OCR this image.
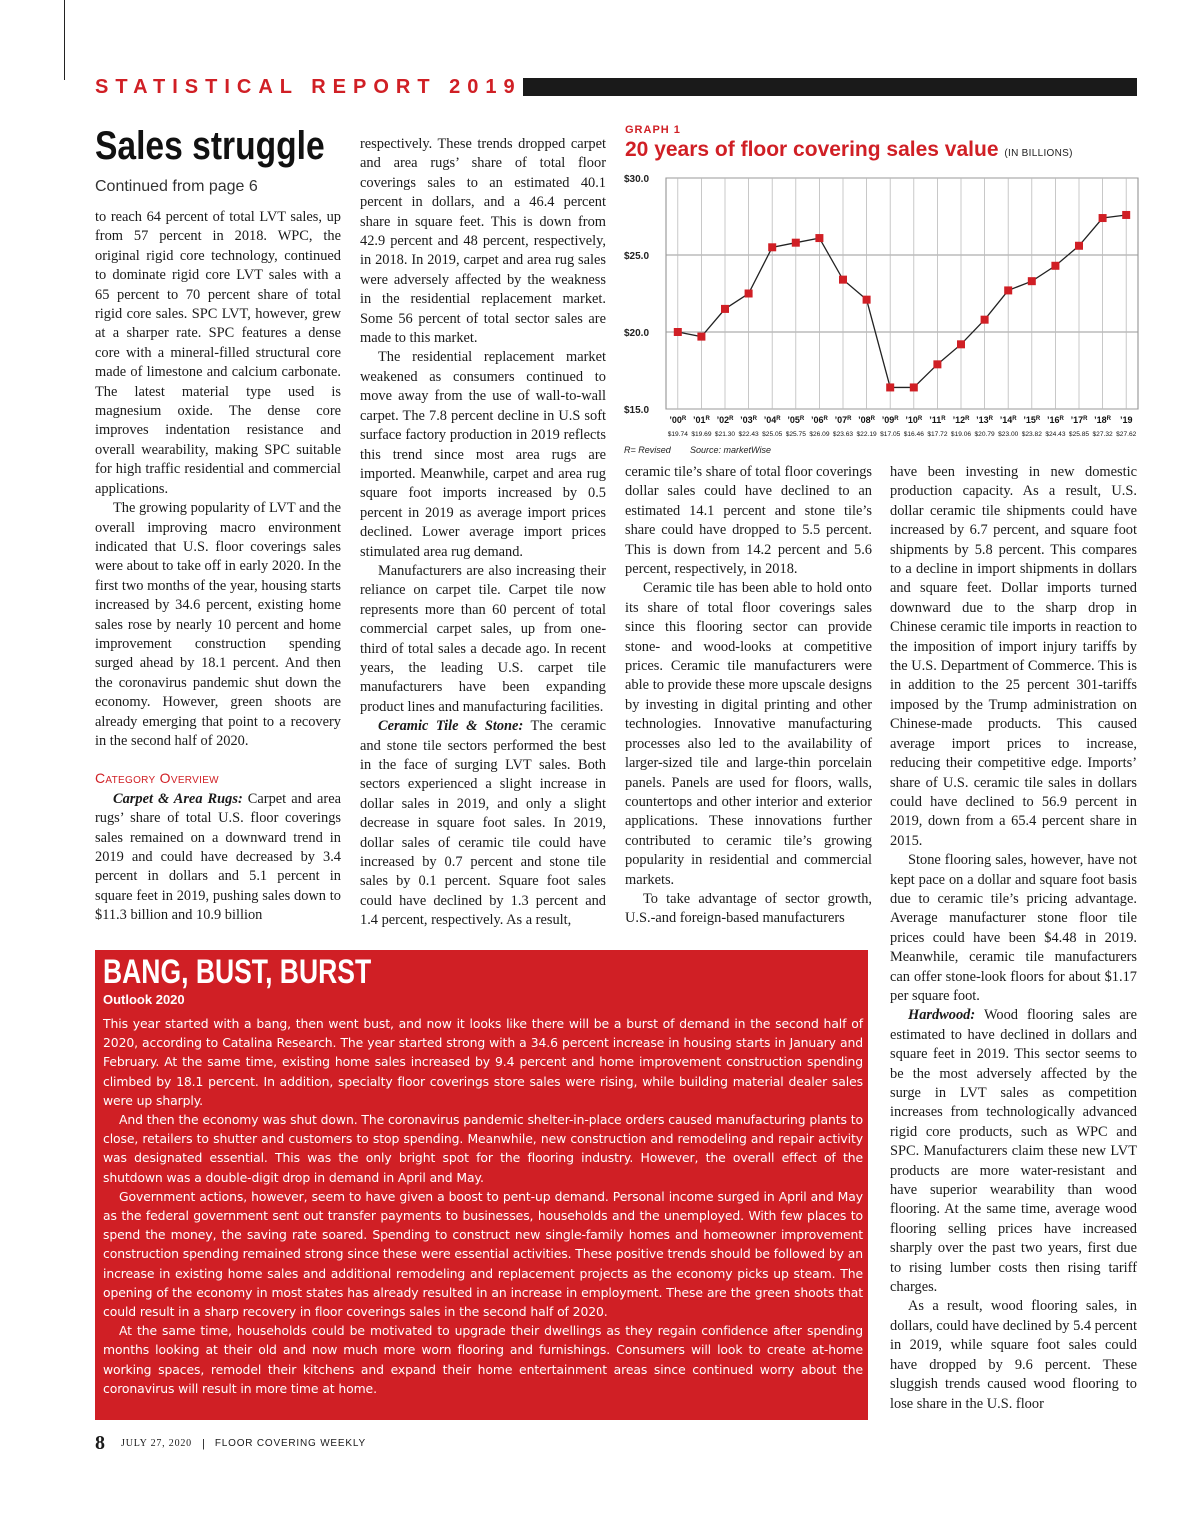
STATISTICAL REPORT 2019
Sales struggle
Continued from page 6

to reach 64 percent of total LVT sales, up from 57 percent in 2018. WPC, the original rigid core technology, continued to dominate rigid core LVT sales with a 65 percent to 70 percent share of total rigid core sales. SPC LVT, however, grew at a sharper rate. SPC features a dense core with a mineral-filled structural core made of limestone and calcium carbonate. The latest material type used is magnesium oxide. The dense core improves indentation resistance and overall wearability, making SPC suitable for high traffic residential and commercial applications.

The growing popularity of LVT and the overall improving macro environment indicated that U.S. floor coverings sales were about to take off in early 2020. In the first two months of the year, housing starts increased by 34.6 percent, existing home sales rose by nearly 10 percent and home improvement construction spending surged ahead by 18.1 percent. And then the coronavirus pandemic shut down the economy. However, green shoots are already emerging that point to a recovery in the second half of 2020.

Category Overview

Carpet & Area Rugs: Carpet and area rugs’ share of total U.S. floor coverings sales remained on a downward trend in 2019 and could have decreased by 3.4 percent in dollars and 5.1 percent in square feet in 2019, pushing sales down to $11.3 billion and 10.9 billion

respectively. These trends dropped carpet and area rugs’ share of total floor coverings sales to an estimated 40.1 percent in dollars, and a 46.4 percent share in square feet. This is down from 42.9 percent and 48 percent, respectively, in 2018. In 2019, carpet and area rug sales were adversely affected by the weakness in the residential replacement market. Some 56 percent of total sector sales are made to this market.

The residential replacement market weakened as consumers continued to move away from the use of wall-to-wall carpet. The 7.8 percent decline in U.S soft surface factory production in 2019 reflects this trend since most area rugs are imported. Meanwhile, carpet and area rug square foot imports increased by 0.5 percent in 2019 as average import prices declined. Lower average import prices stimulated area rug demand.

Manufacturers are also increasing their reliance on carpet tile. Carpet tile now represents more than 60 percent of total commercial carpet sales, up from one-third of total sales a decade ago. In recent years, the leading U.S. carpet tile manufacturers have been expanding product lines and manufacturing facilities.

Ceramic Tile & Stone: The ceramic and stone tile sectors performed the best in the face of surging LVT sales. Both sectors experienced a slight increase in dollar sales in 2019, and only a slight decrease in square foot sales. In 2019, dollar sales of ceramic tile could have increased by 0.7 percent and stone tile sales by 0.1 percent. Square foot sales could have declined by 1.3 percent and 1.4 percent, respectively. As a result,

GRAPH 1
20 years of floor covering sales value (IN BILLIONS)
$15.0
$20.0
$25.0
$30.0
$’00^R$
$19.74
$’01^R$
$19.69
$’02^R$
$21.30
$’03^R$
$22.43
$’04^R$
$25.05
$’05^R$
$25.75
$’06^R$
$26.09
$’07^R$
$23.63
$’08^R$
$22.19
$’09^R$
$17.05
$’10^R$
$16.46
$’11^R$
$17.72
$’12^R$
$19.06
$’13^R$
$20.79
$’14^R$
$23.00
$’15^R$
$23.82
$’16^R$
$24.43
$’17^R$
$25.85
$’18^R$
$27.32
’19
$27.62
R= Revised Source: marketWise

ceramic tile’s share of total floor coverings dollar sales could have declined to an estimated 14.1 percent and stone tile’s share could have dropped to 5.5 percent. This is down from 14.2 percent and 5.6 percent, respectively, in 2018.

Ceramic tile has been able to hold onto its share of total floor coverings sales since this flooring sector can provide stone- and wood-looks at competitive prices. Ceramic tile manufacturers were able to provide these more upscale designs by investing in digital printing and other technologies. Innovative manufacturing processes also led to the availability of larger-sized tile and large-thin porcelain panels. Panels are used for floors, walls, countertops and other interior and exterior applications. These innovations further contributed to ceramic tile’s growing popularity in residential and commercial markets.

To take advantage of sector growth, U.S.-and foreign-based manufacturers

have been investing in new domestic production capacity. As a result, U.S. dollar ceramic tile shipments could have increased by 6.7 percent, and square foot shipments by 5.8 percent. This compares to a decline in import shipments in dollars and square feet. Dollar imports turned downward due to the sharp drop in Chinese ceramic tile imports in reaction to the imposition of import injury tariffs by the U.S. Department of Commerce. This is in addition to the 25 percent 301-tariffs imposed by the Trump administration on Chinese-made products. This caused average import prices to increase, reducing their competitive edge. Imports’ share of U.S. ceramic tile sales in dollars could have declined to 56.9 percent in 2019, down from a 65.4 percent share in 2015.

Stone flooring sales, however, have not kept pace on a dollar and square foot basis due to ceramic tile’s pricing advantage. Average manufacturer stone floor tile prices could have been $4.48 in 2019. Meanwhile, ceramic tile manufacturers can offer stone-look floors for about $1.17 per square foot.

Hardwood: Wood flooring sales are estimated to have declined in dollars and square feet in 2019. This sector seems to be the most adversely affected by the surge in LVT sales as competition increases from technologically advanced rigid core products, such as WPC and SPC. Manufacturers claim these new LVT products are more water-resistant and have superior wearability than wood flooring. At the same time, average wood flooring selling prices have increased sharply over the past two years, first due to rising lumber costs then rising tariff charges.

As a result, wood flooring sales, in dollars, could have declined by 5.4 percent in 2019, while square foot sales could have dropped by 9.6 percent. These sluggish trends caused wood flooring to lose share in the U.S. floor

BANG, BUST, BURST
Outlook 2020

This year started with a bang, then went bust, and now it looks like there will be a burst of demand in the second half of 2020, according to Catalina Research. The year started strong with a 34.6 percent increase in housing starts in January and February. At the same time, existing home sales increased by 9.4 percent and home improvement construction spending climbed by 18.1 percent. In addition, specialty floor coverings store sales were rising, while building material dealer sales were up sharply.

And then the economy was shut down. The coronavirus pandemic shelter-in-place orders caused manufacturing plants to close, retailers to shutter and customers to stop spending. Meanwhile, new construction and remodeling and repair activity was designated essential. This was the only bright spot for the flooring industry. However, the overall effect of the shutdown was a double-digit drop in demand in April and May.

Government actions, however, seem to have given a boost to pent-up demand. Personal income surged in April and May as the federal government sent out transfer payments to businesses, households and the unemployed. With few places to spend the money, the saving rate soared. Spending to construct new single-family homes and homeowner improvement construction spending remained strong since these were essential activities. These positive trends should be followed by an increase in existing home sales and additional remodeling and replacement projects as the economy picks up steam. The opening of the economy in most states has already resulted in an increase in employment. These are the green shoots that could result in a sharp recovery in floor coverings sales in the second half of 2020.

At the same time, households could be motivated to upgrade their dwellings as they regain confidence after spending months looking at their old and now much more worn flooring and furnishings. Consumers will look to create at-home working spaces, remodel their kitchens and expand their home entertainment areas since continued worry about the coronavirus will result in more time at home.

8 JULY 27, 2020 | FLOOR COVERING WEEKLY
